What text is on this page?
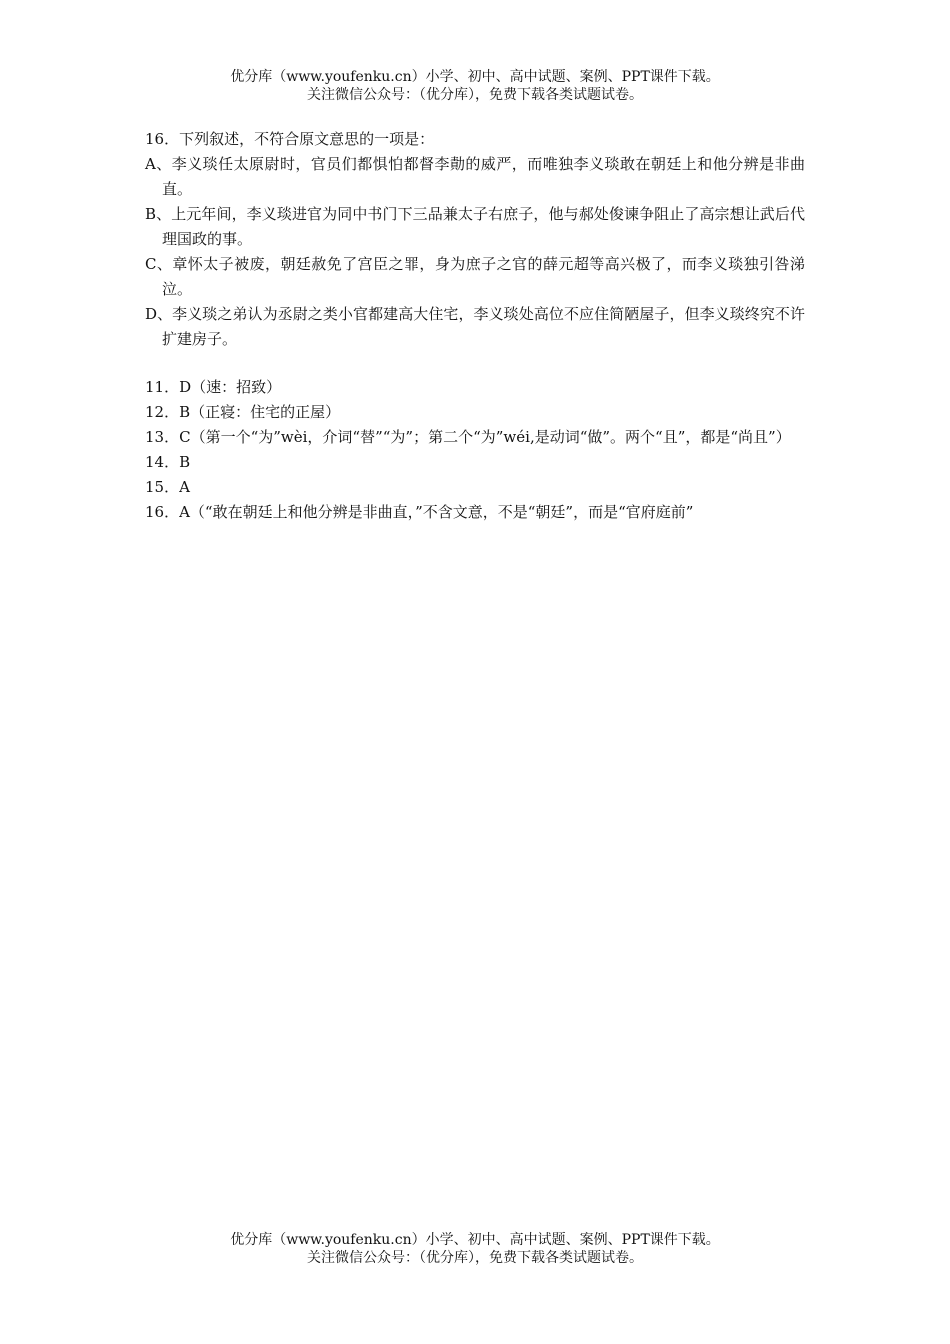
优分库（www.youfenku.cn）小学、初中、高中试题、案例、PPT课件下载。
关注微信公众号：（优分库），免费下载各类试题试卷。

16．下列叙述，不符合原文意思的一项是：

A、李义琰任太原尉时，官员们都惧怕都督李勣的威严，而唯独李义琰敢在朝廷上和他分辨是非曲直。

B、上元年间，李义琰进官为同中书门下三品兼太子右庶子，他与郝处俊谏争阻止了高宗想让武后代理国政的事。

C、章怀太子被废，朝廷赦免了宫臣之罪，身为庶子之官的薛元超等高兴极了，而李义琰独引咎涕泣。

D、李义琰之弟认为丞尉之类小官都建高大住宅，李义琰处高位不应住简陋屋子，但李义琰终究不许扩建房子。

11．D（速：招致）

12．B（正寝：住宅的正屋）

13．C（第一个“为”wèi，介词“替”“为”；第二个“为”wéi,是动词“做”。两个“且”，都是“尚且”）

14．B

15．A

16．A（“敢在朝廷上和他分辨是非曲直，”不含文意，不是“朝廷”，而是“官府庭前”

优分库（www.youfenku.cn）小学、初中、高中试题、案例、PPT课件下载。
关注微信公众号：（优分库），免费下载各类试题试卷。
